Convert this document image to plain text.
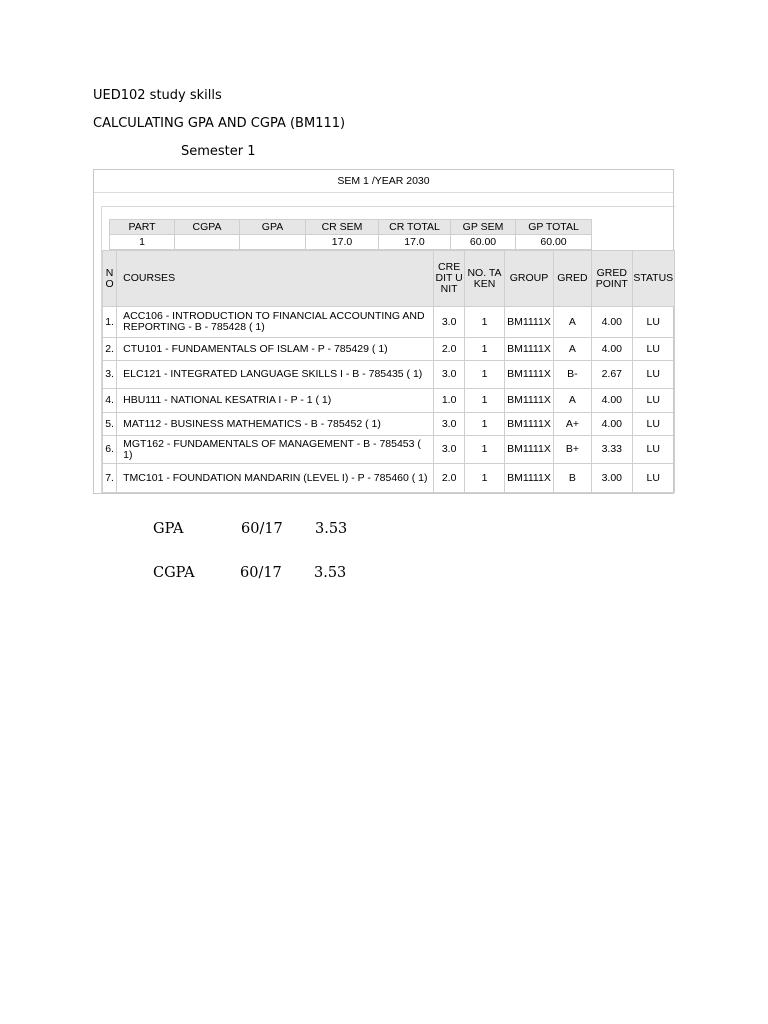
UED102 study skills
CALCULATING GPA AND CGPA (BM111)
Semester 1
SEM 1 /YEAR 2030
PART	CGPA	GPA	CR SEM	CR TOTAL	GP SEM	GP TOTAL
1			17.0	17.0	60.00	60.00
NO	COURSES	CREDIT UNIT	NO. TAKEN	GROUP	GRED	GRED POINT	STATUS
1.	ACC106 - INTRODUCTION TO FINANCIAL ACCOUNTING AND REPORTING - B - 785428 ( 1)	3.0	1	BM1111X	A	4.00	LU
2.	CTU101 - FUNDAMENTALS OF ISLAM - P - 785429 ( 1)	2.0	1	BM1111X	A	4.00	LU
3.	ELC121 - INTEGRATED LANGUAGE SKILLS I - B - 785435 ( 1)	3.0	1	BM1111X	B-	2.67	LU
4.	HBU111 - NATIONAL KESATRIA I - P - 1 ( 1)	1.0	1	BM1111X	A	4.00	LU
5.	MAT112 - BUSINESS MATHEMATICS - B - 785452 ( 1)	3.0	1	BM1111X	A+	4.00	LU
6.	MGT162 - FUNDAMENTALS OF MANAGEMENT - B - 785453 ( 1)	3.0	1	BM1111X	B+	3.33	LU
7.	TMC101 - FOUNDATION MANDARIN (LEVEL I) - P - 785460 ( 1)	2.0	1	BM1111X	B	3.00	LU
GPA	60/17 3.53
CGPA	60/17 3.53
